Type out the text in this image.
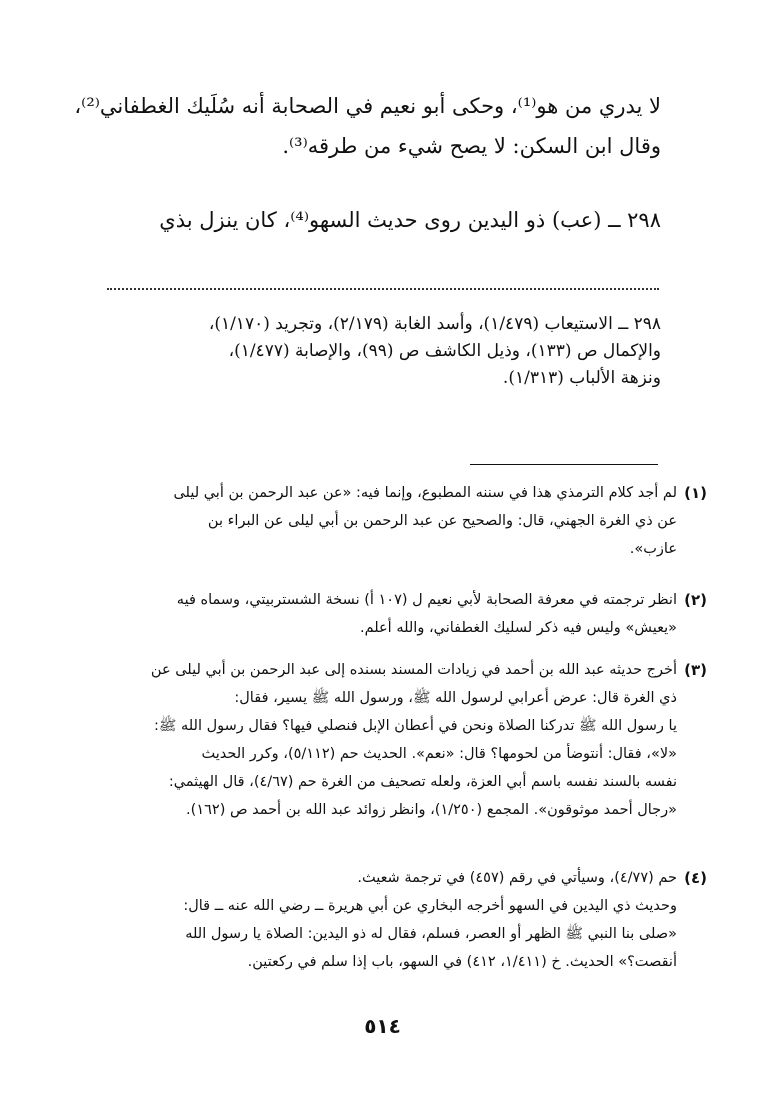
لا يدري من هو⁽¹⁾، وحكى أبو نعيم في الصحابة أنه سُلَيك الغطفاني⁽²⁾،
وقال ابن السكن: لا يصح شيء من طرقه⁽³⁾.
٢٩٨ ــ (عب) ذو اليدين روى حديث السهو⁽⁴⁾، كان ينزل بذي
٢٩٨ ــ الاستيعاب (١/٤٧٩)، وأسد الغابة (٢/١٧٩)، وتجريد (١/١٧٠)،
والإكمال ص (١٣٣)، وذيل الكاشف ص (٩٩)، والإصابة (١/٤٧٧)،
ونزهة الألباب (١/٣١٣).
(١)
لم أجد كلام الترمذي هذا في سننه المطبوع، وإنما فيه: «عن عبد الرحمن بن أبي ليلى
عن ذي الغرة الجهني، قال: والصحيح عن عبد الرحمن بن أبي ليلى عن البراء بن
عازب».
(٢)
انظر ترجمته في معرفة الصحابة لأبي نعيم ل (١٠٧ أ) نسخة الشستربيتي، وسماه فيه
«يعيش» وليس فيه ذكر لسليك الغطفاني، والله أعلم.
(٣)
أخرج حديثه عبد الله بن أحمد في زيادات المسند بسنده إلى عبد الرحمن بن أبي ليلى عن
ذي الغرة قال: عرض أعرابي لرسول الله ﷺ، ورسول الله ﷺ يسير، فقال:
يا رسول الله ﷺ تدركنا الصلاة ونحن في أعطان الإبل فنصلي فيها؟ فقال رسول الله ﷺ:
«لا»، فقال: أنتوضأ من لحومها؟ قال: «نعم». الحديث حم (٥/١١٢)، وكرر الحديث
نفسه بالسند نفسه باسم أبي العزة، ولعله تصحيف من الغرة حم (٤/٦٧)، قال الهيثمي:
«رجال أحمد موثوقون». المجمع (١/٢٥٠)، وانظر زوائد عبد الله بن أحمد ص (١٦٢).
(٤)
حم (٤/٧٧)، وسيأتي في رقم (٤٥٧) في ترجمة شعيث.
وحديث ذي اليدين في السهو أخرجه البخاري عن أبي هريرة ــ رضي الله عنه ــ قال:
«صلى بنا النبي ﷺ الظهر أو العصر، فسلم، فقال له ذو اليدين: الصلاة يا رسول الله
أنقصت؟» الحديث. خ (١/٤١١، ٤١٢) في السهو، باب إذا سلم في ركعتين.
٥١٤
